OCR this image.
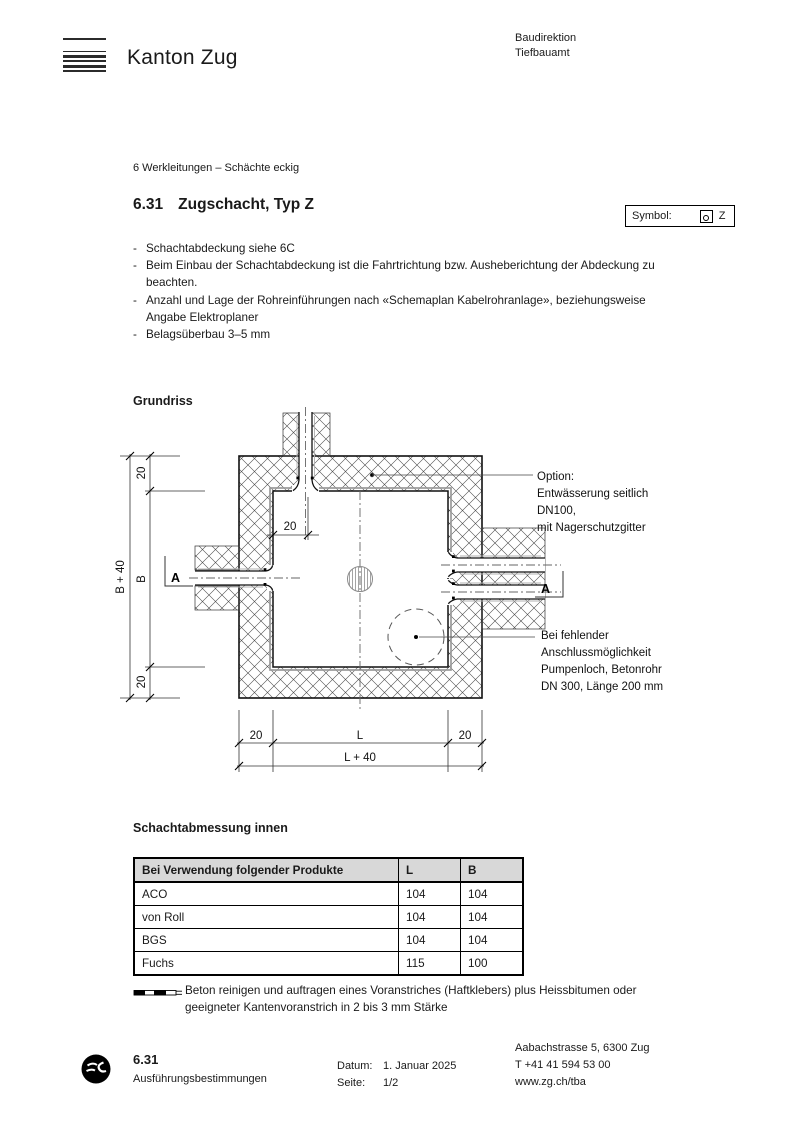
Kanton Zug
Baudirektion
Tiefbauamt
6 Werkleitungen – Schächte eckig
6.31 Zugschacht, Typ Z
Symbol:	Z
- Schachtabdeckung siehe 6C
- Beim Einbau der Schachtabdeckung ist die Fahrtrichtung bzw. Ausheberichtung der Abdeckung zu beachten.
- Anzahl und Lage der Rohreinführungen nach «Schemaplan Kabelrohranlage», beziehungsweise Angabe Elektroplaner
- Belagsüberbau 3–5 mm
Grundriss
Option:
Entwässerung seitlich
DN100,
mit Nagerschutzgitter
Bei fehlender
Anschlussmöglichkeit
Pumpenloch, Betonrohr
DN 300, Länge 200 mm
A
A
B + 40
20
B
20
20
20	L	20
L + 40
Schachtabmessung innen
Bei Verwendung folgender Produkte	L	B
ACO	104	104
von Roll	104	104
BGS	104	104
Fuchs	115	100
Beton reinigen und auftragen eines Voranstriches (Haftklebers) plus Heissbitumen oder
geeigneter Kantenvoranstrich in 2 bis 3 mm Stärke
6.31
Ausführungsbestimmungen
Datum: 1. Januar 2025
Seite:	1/2
Aabachstrasse 5, 6300 Zug
T +41 41 594 53 00
www.zg.ch/tba
